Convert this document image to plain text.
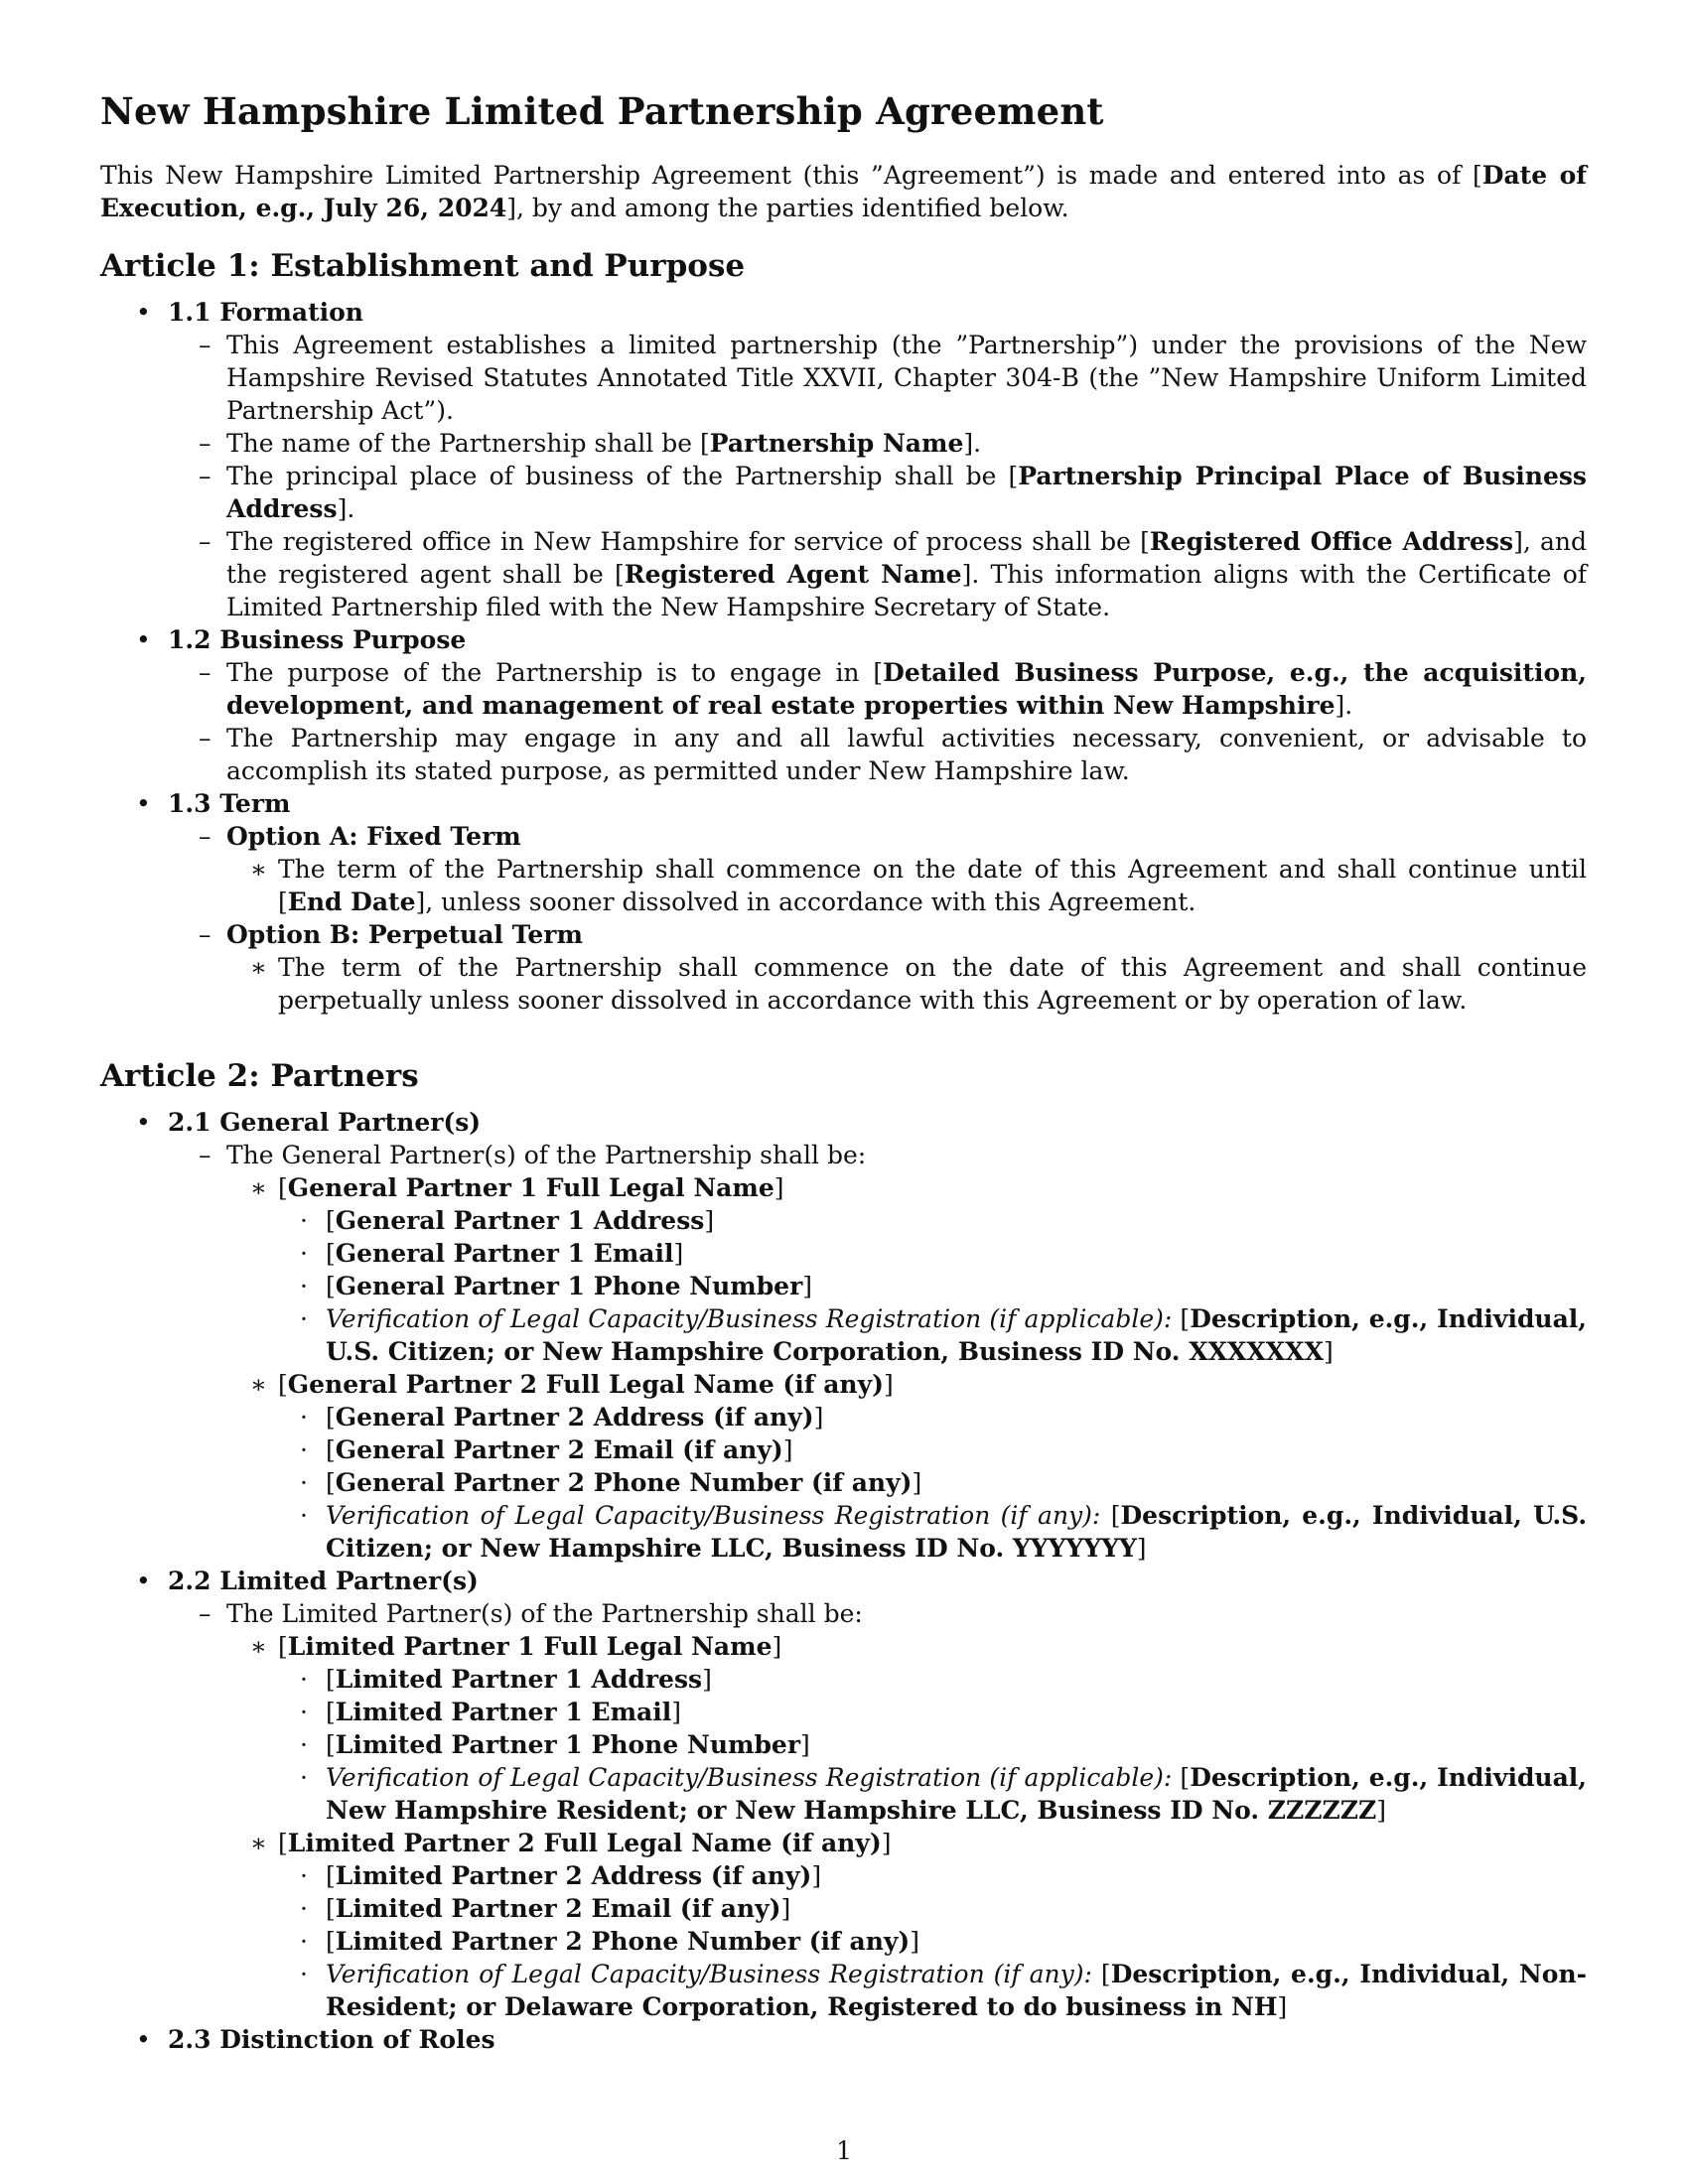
New Hampshire Limited Partnership Agreement

This New Hampshire Limited Partnership Agreement (this ”Agreement”) is made and entered into as of [Date of Execution, e.g., July 26, 2024], by and among the parties identified below.

Article 1: Establishment and Purpose
• 1.1 Formation
– This Agreement establishes a limited partnership (the ”Partnership”) under the provisions of the New Hampshire Revised Statutes Annotated Title XXVII, Chapter 304-B (the ”New Hampshire Uniform Limited Partnership Act”).
– The name of the Partnership shall be [Partnership Name].
– The principal place of business of the Partnership shall be [Partnership Principal Place of Business Address].
– The registered office in New Hampshire for service of process shall be [Registered Office Address], and the registered agent shall be [Registered Agent Name]. This information aligns with the Certificate of Limited Partnership filed with the New Hampshire Secretary of State.
• 1.2 Business Purpose
– The purpose of the Partnership is to engage in [Detailed Business Purpose, e.g., the acquisition, development, and management of real estate properties within New Hampshire].
– The Partnership may engage in any and all lawful activities necessary, convenient, or advisable to accomplish its stated purpose, as permitted under New Hampshire law.
• 1.3 Term
– Option A: Fixed Term
∗ The term of the Partnership shall commence on the date of this Agreement and shall continue until [End Date], unless sooner dissolved in accordance with this Agreement.
– Option B: Perpetual Term
∗ The term of the Partnership shall commence on the date of this Agreement and shall continue perpetually unless sooner dissolved in accordance with this Agreement or by operation of law.
Article 2: Partners
• 2.1 General Partner(s)
– The General Partner(s) of the Partnership shall be:
∗ [General Partner 1 Full Legal Name]
· [General Partner 1 Address]
· [General Partner 1 Email]
· [General Partner 1 Phone Number]
· Verification of Legal Capacity/Business Registration (if applicable): [Description, e.g., Individual, U.S. Citizen; or New Hampshire Corporation, Business ID No. XXXXXXX]
∗ [General Partner 2 Full Legal Name (if any)]
· [General Partner 2 Address (if any)]
· [General Partner 2 Email (if any)]
· [General Partner 2 Phone Number (if any)]
· Verification of Legal Capacity/Business Registration (if any): [Description, e.g., Individual, U.S. Citizen; or New Hampshire LLC, Business ID No. YYYYYYY]
• 2.2 Limited Partner(s)
– The Limited Partner(s) of the Partnership shall be:
∗ [Limited Partner 1 Full Legal Name]
· [Limited Partner 1 Address]
· [Limited Partner 1 Email]
· [Limited Partner 1 Phone Number]
· Verification of Legal Capacity/Business Registration (if applicable): [Description, e.g., Individual, New Hampshire Resident; or New Hampshire LLC, Business ID No. ZZZZZZ]
∗ [Limited Partner 2 Full Legal Name (if any)]
· [Limited Partner 2 Address (if any)]
· [Limited Partner 2 Email (if any)]
· [Limited Partner 2 Phone Number (if any)]
· Verification of Legal Capacity/Business Registration (if any): [Description, e.g., Individual, Non-Resident; or Delaware Corporation, Registered to do business in NH]
• 2.3 Distinction of Roles
1
